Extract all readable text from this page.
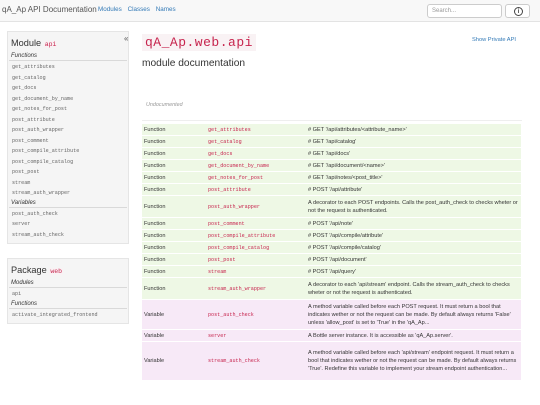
qA_Ap API Documentation Modules Classes Names	Search...	i
Module api
Functions
get_attributes
get_catalog
get_docs
get_document_by_name
get_notes_for_post
post_attribute
post_auth_wrapper
post_comment
post_compile_attribute
post_compile_catalog
post_post
stream
stream_auth_wrapper
Variables
post_auth_check
server
stream_auth_check
Package web
Modules
api
Functions
activate_integrated_frontend
« qA_Ap.web.api	Show Private API
module documentation
Undocumented
Function	get_attributes	# GET '/api/attributes/<attribute_name>'
Function	get_catalog	# GET '/api/catalog'
Function	get_docs	# GET '/api/docs'
Function	get_document_by_name	# GET '/api/document/<name>'
Function	get_notes_for_post	# GET '/api/notes/<post_title>'
Function	post_attribute	# POST '/api/attribute'
Function	post_auth_wrapper	A decorator to each POST endpoints. Calls the post_auth_check to checks wheter or not the request is authenticated.
Function	post_comment	# POST '/api/note'
Function	post_compile_attribute	# POST '/api/compile/attribute'
Function	post_compile_catalog	# POST '/api/compile/catalog'
Function	post_post	# POST '/api/document'
Function	stream	# POST '/api/query'
Function	stream_auth_wrapper	A decorator to each 'api/stream' endpoint. Calls the stream_auth_check to checks wheter or not the request is authenticated.
Variable	post_auth_check	A method variable called before each POST request. It must return a bool that indicates wether or not the request can be made. By default always returns 'False' unless 'allow_post' is set to 'True' in the 'qA_Ap...
Variable	server	A Bottle server instance. It is accessible as 'qA_Ap.server'.
Variable	stream_auth_check	A method variable called before each 'api/stream' endpoint request. It must return a bool that indicates wether or not the request can be made. By default always returns 'True'. Redefine this variable to implement your stream endpoint authentication...
